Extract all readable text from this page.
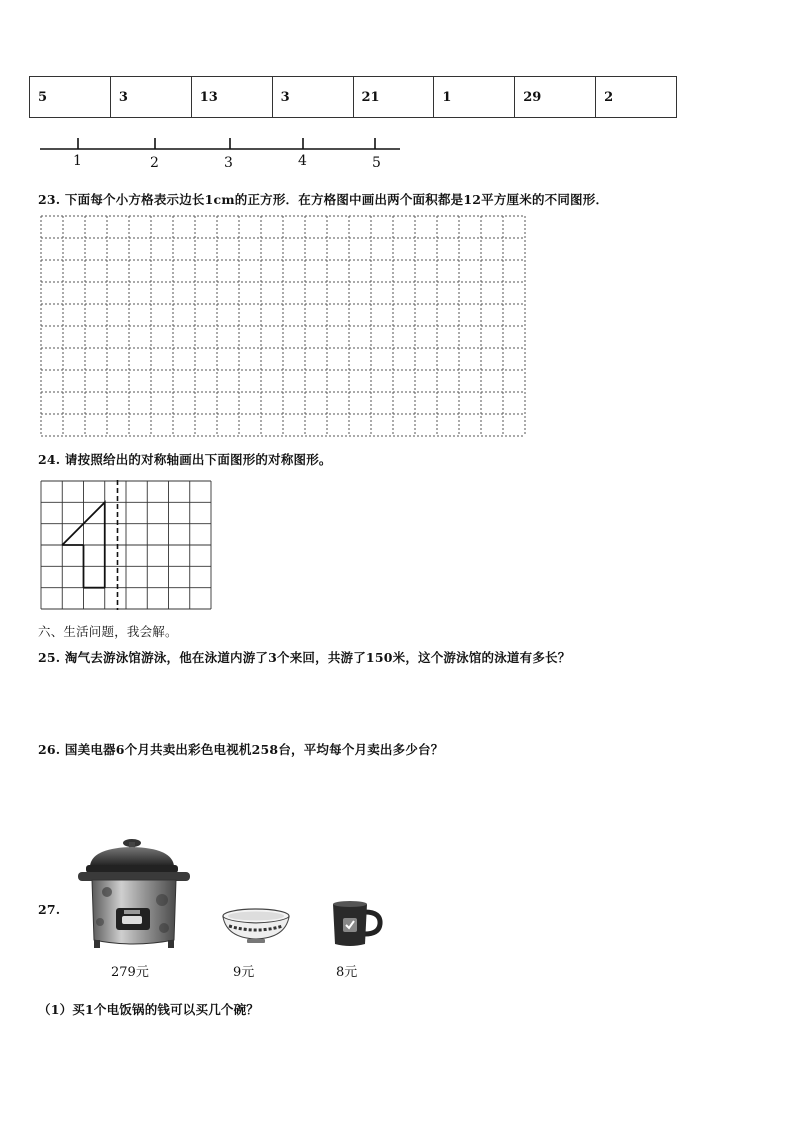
5	3	13	3	21	1	29	2
1	2	3	4	5
23. 下面每个小方格表示边长1cm的正方形．在方格图中画出两个面积都是12平方厘米的不同图形．
24. 请按照给出的对称轴画出下面图形的对称图形。
六、生活问题，我会解。
25. 淘气去游泳馆游泳，他在泳道内游了3个来回，共游了150米，这个游泳馆的泳道有多长？
26. 国美电器6个月共卖出彩色电视机258台，平均每个月卖出多少台？
27.
279元	9元	8元
（1）买1个电饭锅的钱可以买几个碗？
